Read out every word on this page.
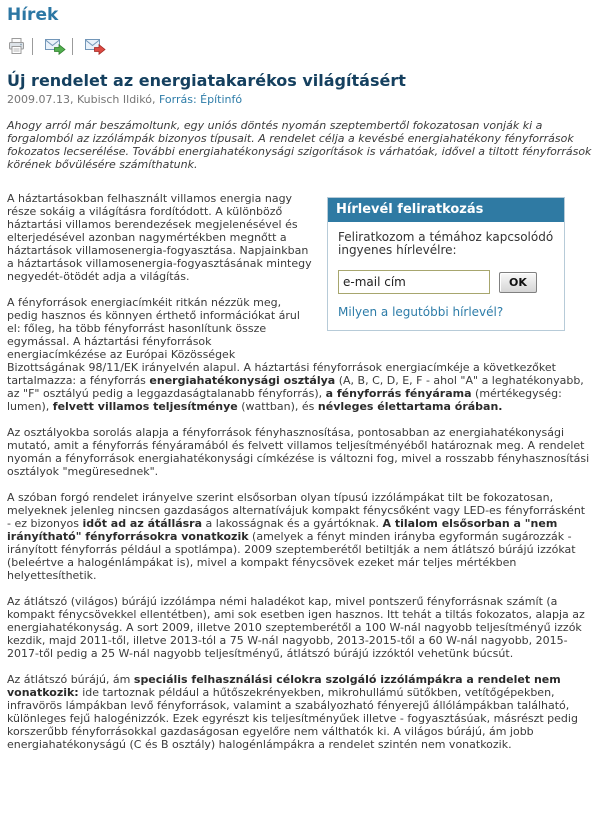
Hírek
Új rendelet az energiatakarékos világításért
2009.07.13, Kubisch Ildikó, Forrás: Építinfó

Ahogy arról már beszámoltunk, egy uniós döntés nyomán szeptembertől fokozatosan vonják ki a forgalomból az izzólámpák bizonyos típusait. A rendelet célja a kevésbé energiahatékony fényforrások fokozatos lecserélése. További energiahatékonysági szigorítások is várhatóak, idővel a tiltott fényforrások körének bővülésére számíthatunk.

Hírlevél feliratkozás

Feliratkozom a témához kapcsolódó ingyenes hírlevélre:

e-mail cím
OK
Milyen a legutóbbi hírlevél?

A háztartásokban felhasznált villamos energia nagy része sokáig a világításra fordítódott. A különböző háztartási villamos berendezések megjelenésével és elterjedésével azonban nagymértékben megnőtt a háztartások villamosenergia-fogyasztása. Napjainkban a háztartások villamosenergia-fogyasztásának mintegy negyedét-ötödét adja a világítás.

A fényforrások energiacímkéit ritkán nézzük meg, pedig hasznos és könnyen érthető információkat árul el: főleg, ha több fényforrást hasonlítunk össze egymással. A háztartási fényforrások energiacímkézése az Európai Közösségek Bizottságának 98/11/EK irányelvén alapul. A háztartási fényforrások energiacímkéje a következőket tartalmazza: a fényforrás energiahatékonysági osztálya (A, B, C, D, E, F - ahol "A" a leghatékonyabb, az "F" osztályú pedig a leggazdaságtalanabb fényforrás), a fényforrás fényárama (mértékegység: lumen), felvett villamos teljesítménye (wattban), és névleges élettartama órában.

Az osztályokba sorolás alapja a fényforrások fényhasznosítása, pontosabban az energiahatékonysági mutató, amit a fényforrás fényáramából és felvett villamos teljesítményéből határoznak meg. A rendelet nyomán a fényforrások energiahatékonysági címkézése is változni fog, mivel a rosszabb fényhasznosítási osztályok "megüresednek".

A szóban forgó rendelet irányelve szerint elsősorban olyan típusú izzólámpákat tilt be fokozatosan, melyeknek jelenleg nincsen gazdaságos alternatívájuk kompakt fénycsőként vagy LED-es fényforrásként - ez bizonyos időt ad az átállásra a lakosságnak és a gyártóknak. A tilalom elsősorban a "nem irányítható" fényforrásokra vonatkozik (amelyek a fényt minden irányba egyformán sugározzák - irányított fényforrás például a spotlámpa). 2009 szeptemberétől betiltják a nem átlátszó búrájú izzókat (beleértve a halogénlámpákat is), mivel a kompakt fénycsövek ezeket már teljes mértékben helyettesíthetik.

Az átlátszó (világos) búrájú izzólámpa némi haladékot kap, mivel pontszerű fényforrásnak számít (a kompakt fénycsövekkel ellentétben), ami sok esetben igen hasznos. Itt tehát a tiltás fokozatos, alapja az energiahatékonyság. A sort 2009, illetve 2010 szeptemberétől a 100 W-nál nagyobb teljesítményű izzók kezdik, majd 2011-től, illetve 2013-tól a 75 W-nál nagyobb, 2013-2015-től a 60 W-nál nagyobb, 2015-2017-től pedig a 25 W-nál nagyobb teljesítményű, átlátszó búrájú izzóktól vehetünk búcsút.

Az átlátszó búrájú, ám speciális felhasználási célokra szolgáló izzólámpákra a rendelet nem vonatkozik: ide tartoznak például a hűtőszekrényekben, mikrohullámú sütőkben, vetítőgépekben, infravörös lámpákban levő fényforrások, valamint a szabályozható fényerejű állólámpákban található, különleges fejű halogénizzók. Ezek egyrészt kis teljesítményűek illetve - fogyasztásúak, másrészt pedig korszerűbb fényforrásokkal gazdaságosan egyelőre nem válthatók ki. A világos búrájú, ám jobb energiahatékonyságú (C és B osztály) halogénlámpákra a rendelet szintén nem vonatkozik.
